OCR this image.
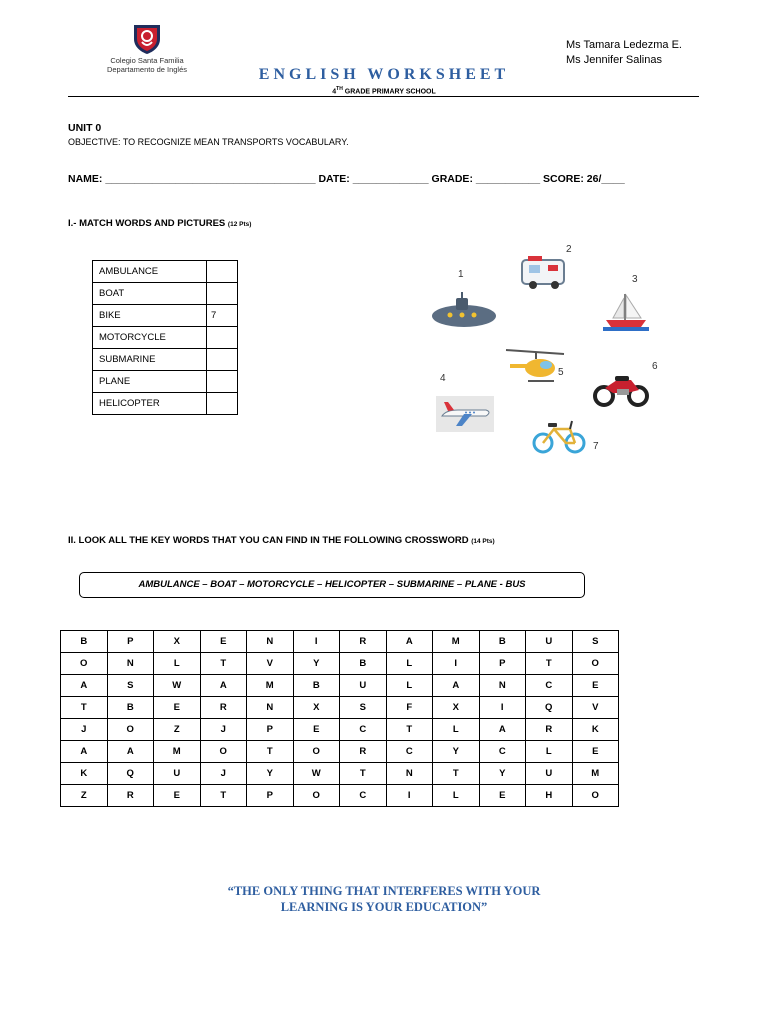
Colegio Santa Familia
Departamento de Inglés
Ms Tamara Ledezma E.
Ms Jennifer Salinas
ENGLISH WORKSHEET
4TH GRADE PRIMARY SCHOOL
UNIT 0
OBJECTIVE: TO RECOGNIZE MEAN TRANSPORTS VOCABULARY.
NAME: ____________________________________ DATE: _____________ GRADE: ___________ SCORE: 26/____
I.- MATCH WORDS AND PICTURES (12 Pts)
AMBULANCE	
BOAT	
BIKE	7
MOTORCYCLE	
SUBMARINE	
PLANE	
HELICOPTER	
1
2
3
5
6
4
7
II. LOOK ALL THE KEY WORDS THAT YOU CAN FIND IN THE FOLLOWING CROSSWORD (14 Pts)
AMBULANCE – BOAT – MOTORCYCLE – HELICOPTER – SUBMARINE – PLANE - BUS
B	P	X	E	N	I	R	A	M	B	U	S
O	N	L	T	V	Y	B	L	I	P	T	O
A	S	W	A	M	B	U	L	A	N	C	E
T	B	E	R	N	X	S	F	X	I	Q	V
J	O	Z	J	P	E	C	T	L	A	R	K
A	A	M	O	T	O	R	C	Y	C	L	E
K	Q	U	J	Y	W	T	N	T	Y	U	M
Z	R	E	T	P	O	C	I	L	E	H	O
“THE ONLY THING THAT INTERFERES WITH YOUR
LEARNING IS YOUR EDUCATION”
